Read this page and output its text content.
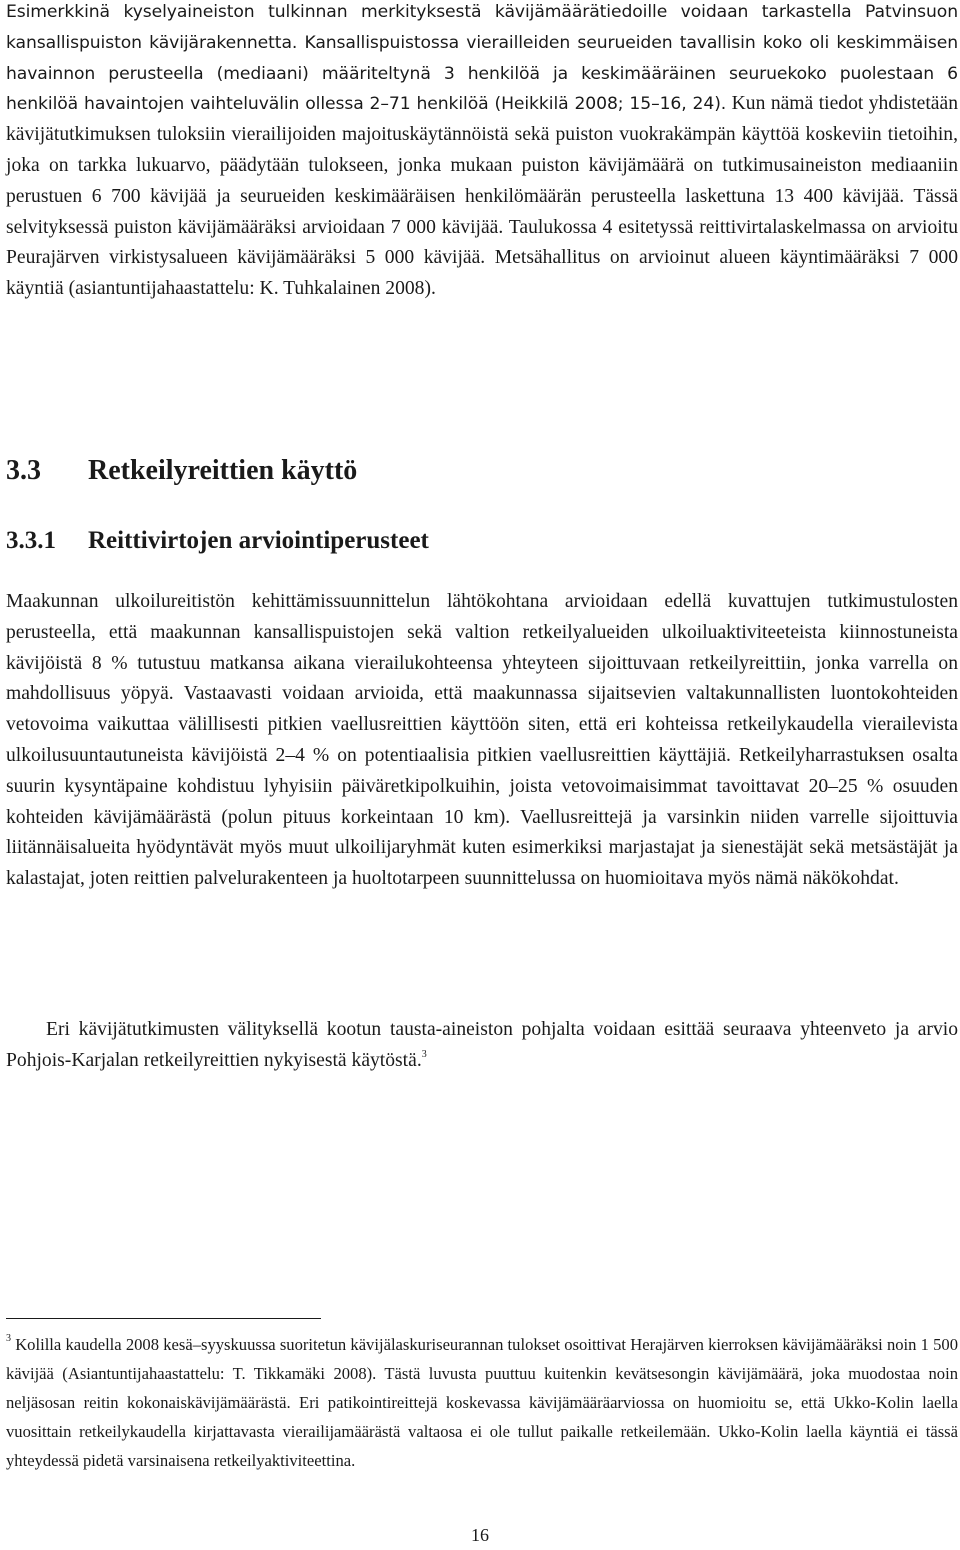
Esimerkkinä kyselyaineiston tulkinnan merkityksestä kävijämäärätiedoille voidaan tarkastella Patvinsuon kansallispuiston kävijärakennetta. Kansallispuistossa vierailleiden seurueiden tavallisin koko oli keskimmäisen havainnon perusteella (mediaani) määriteltynä 3 henkilöä ja keskimääräinen seuruekoko puolestaan 6 henkilöä havaintojen vaihteluvälin ollessa 2–71 henkilöä (Heikkilä 2008; 15–16, 24). Kun nämä tiedot yhdistetään kävijätutkimuksen tuloksiin vierailijoiden majoituskäytännöistä sekä puiston vuokrakämpän käyttöä koskeviin tietoihin, joka on tarkka lukuarvo, päädytään tulokseen, jonka mukaan puiston kävijämäärä on tutkimusaineiston mediaaniin perustuen 6 700 kävijää ja seurueiden keskimääräisen henkilömäärän perusteella laskettuna 13 400 kävijää. Tässä selvityksessä puiston kävijämääräksi arvioidaan 7 000 kävijää. Taulukossa 4 esitetyssä reittivirtalaskelmassa on arvioitu Peurajärven virkistysalueen kävijämääräksi 5 000 kävijää. Metsähallitus on arvioinut alueen käyntimääräksi 7 000 käyntiä (asiantuntijahaastattelu: K. Tuhkalainen 2008).

3.3 Retkeilyreittien käyttö
3.3.1 Reittivirtojen arviointiperusteet

Maakunnan ulkoilureitistön kehittämissuunnittelun lähtökohtana arvioidaan edellä kuvattujen tutkimustulosten perusteella, että maakunnan kansallispuistojen sekä valtion retkeilyalueiden ulkoiluaktiviteeteista kiinnostuneista kävijöistä 8 % tutustuu matkansa aikana vierailukohteensa yhteyteen sijoittuvaan retkeilyreittiin, jonka varrella on mahdollisuus yöpyä. Vastaavasti voidaan arvioida, että maakunnassa sijaitsevien valtakunnallisten luontokohteiden vetovoima vaikuttaa välillisesti pitkien vaellusreittien käyttöön siten, että eri kohteissa retkeilykaudella vierailevista ulkoilusuuntautuneista kävijöistä 2–4 % on potentiaalisia pitkien vaellusreittien käyttäjiä. Retkeilyharrastuksen osalta suurin kysyntäpaine kohdistuu lyhyisiin päiväretkipolkuihin, joista vetovoimaisimmat tavoittavat 20–25 % osuuden kohteiden kävijämäärästä (polun pituus korkeintaan 10 km). Vaellusreittejä ja varsinkin niiden varrelle sijoittuvia liitännäisalueita hyödyntävät myös muut ulkoilijaryhmät kuten esimerkiksi marjastajat ja sienestäjät sekä metsästäjät ja kalastajat, joten reittien palvelurakenteen ja huoltotarpeen suunnittelussa on huomioitava myös nämä näkökohdat.

Eri kävijätutkimusten välityksellä kootun tausta-aineiston pohjalta voidaan esittää seuraava yhteenveto ja arvio Pohjois-Karjalan retkeilyreittien nykyisestä käytöstä.$^3$

$^3$ Kolilla kaudella 2008 kesä–syyskuussa suoritetun kävijälaskuriseurannan tulokset osoittivat Herajärven kierroksen kävijämääräksi noin 1 500 kävijää (Asiantuntijahaastattelu: T. Tikkamäki 2008). Tästä luvusta puuttuu kuitenkin kevätsesongin kävijämäärä, joka muodostaa noin neljäsosan reitin kokonaiskävijämäärästä. Eri patikointireittejä koskevassa kävijämääräarviossa on huomioitu se, että Ukko-Kolin laella vuosittain retkeilykaudella kirjattavasta vierailijamäärästä valtaosa ei ole tullut paikalle retkeilemään. Ukko-Kolin laella käyntiä ei tässä yhteydessä pidetä varsinaisena retkeilyaktiviteettina.

16
